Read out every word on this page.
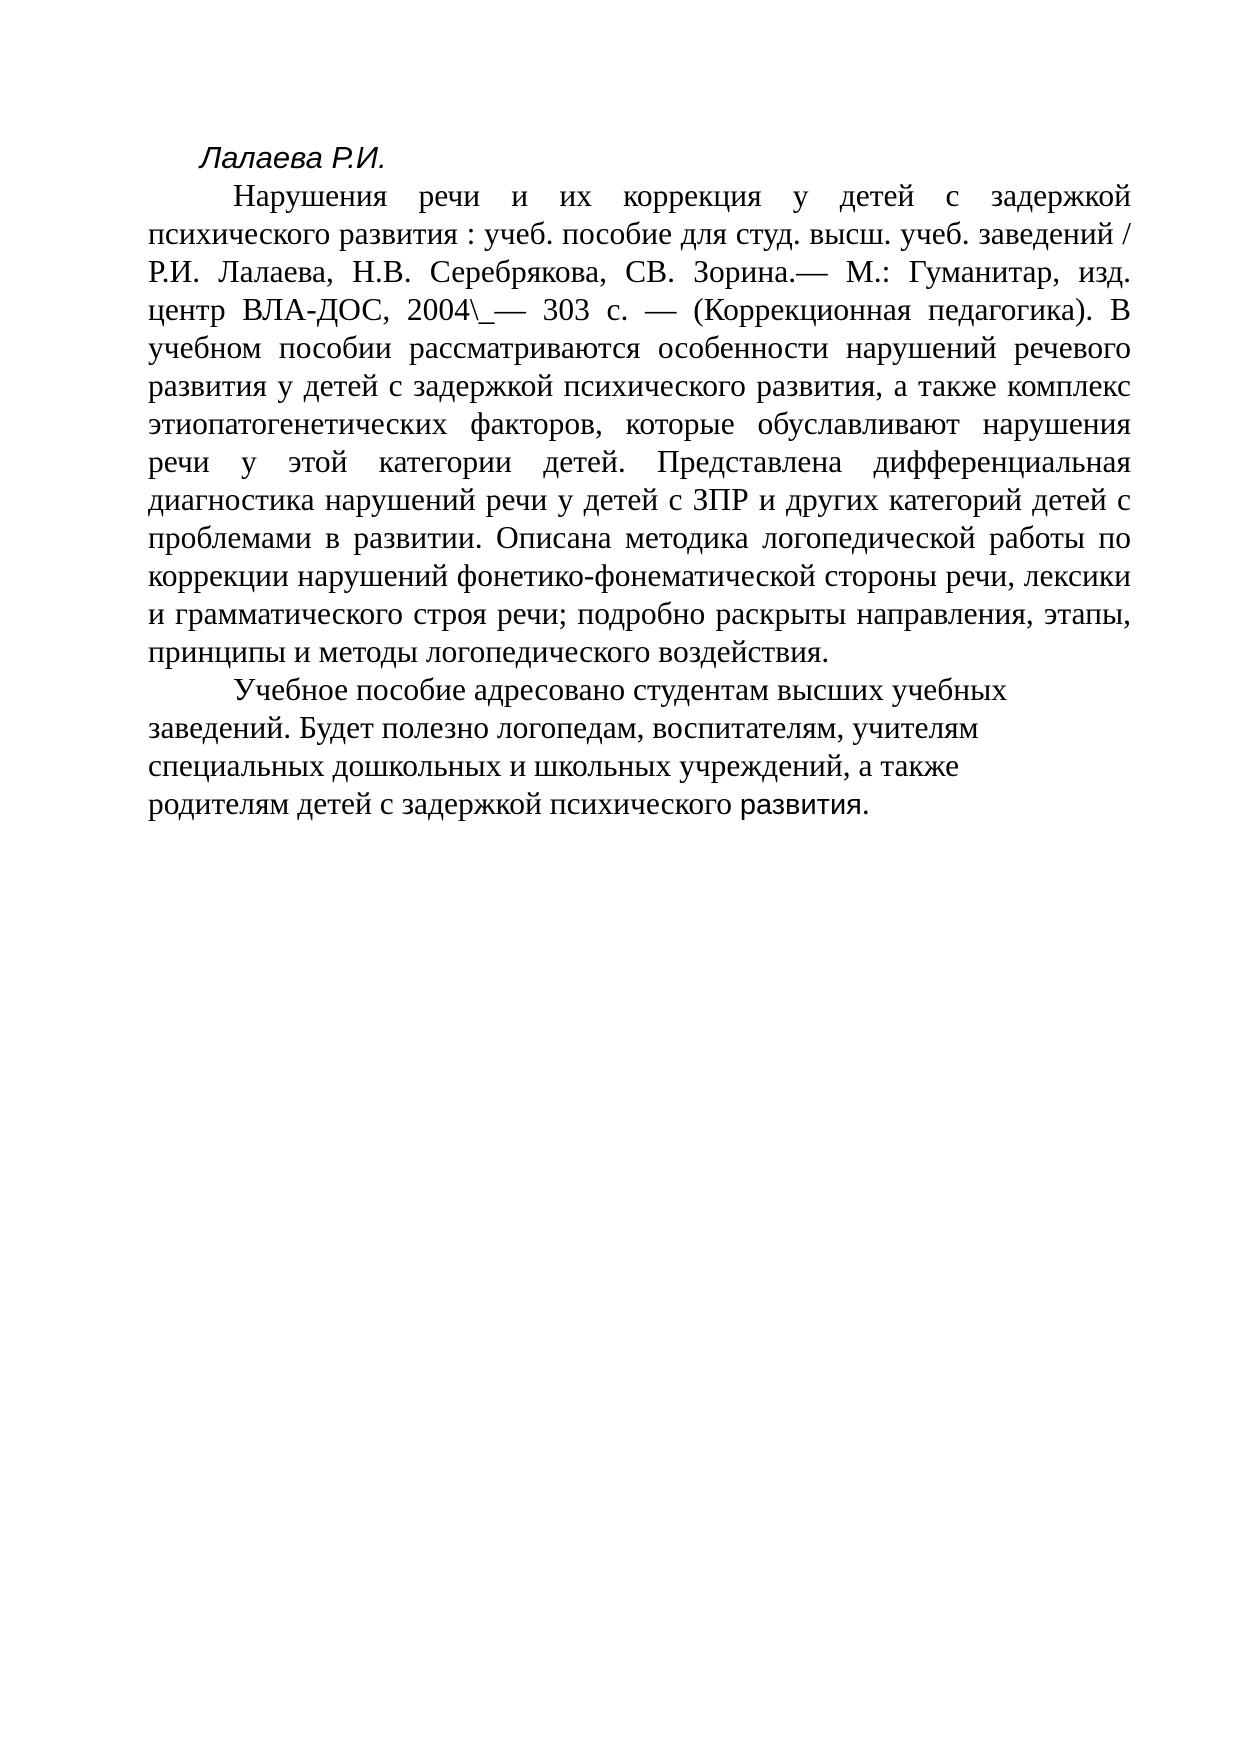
Лалаева Р.И.

Нарушения речи и их коррекция у детей с задержкой психического развития : учеб. пособие для студ. высш. учеб. заведений / Р.И. Лалаева, Н.В. Серебрякова, СВ. Зорина.— М.: Гуманитар, изд. центр ВЛА-ДОС, 2004\_— 303 с. — (Коррекционная педагогика). В учебном пособии рассматриваются особенности нарушений речевого развития у детей с задержкой психического развития, а также комплекс этиопатогенетических факторов, которые обуславливают нарушения речи у этой категории детей. Представлена дифференциальная диагностика нарушений речи у детей с ЗПР и других категорий детей с проблемами в развитии. Описана методика логопедической работы по коррекции нарушений фонетико-фонематической стороны речи, лексики и грамматического строя речи; подробно раскрыты направления, этапы, принципы и методы логопедического воздействия.

Учебное пособие адресовано студентам высших учебных
заведений. Будет полезно логопедам, воспитателям, учителям
специальных дошкольных и школьных учреждений, а также
родителям детей с задержкой психического развития.
